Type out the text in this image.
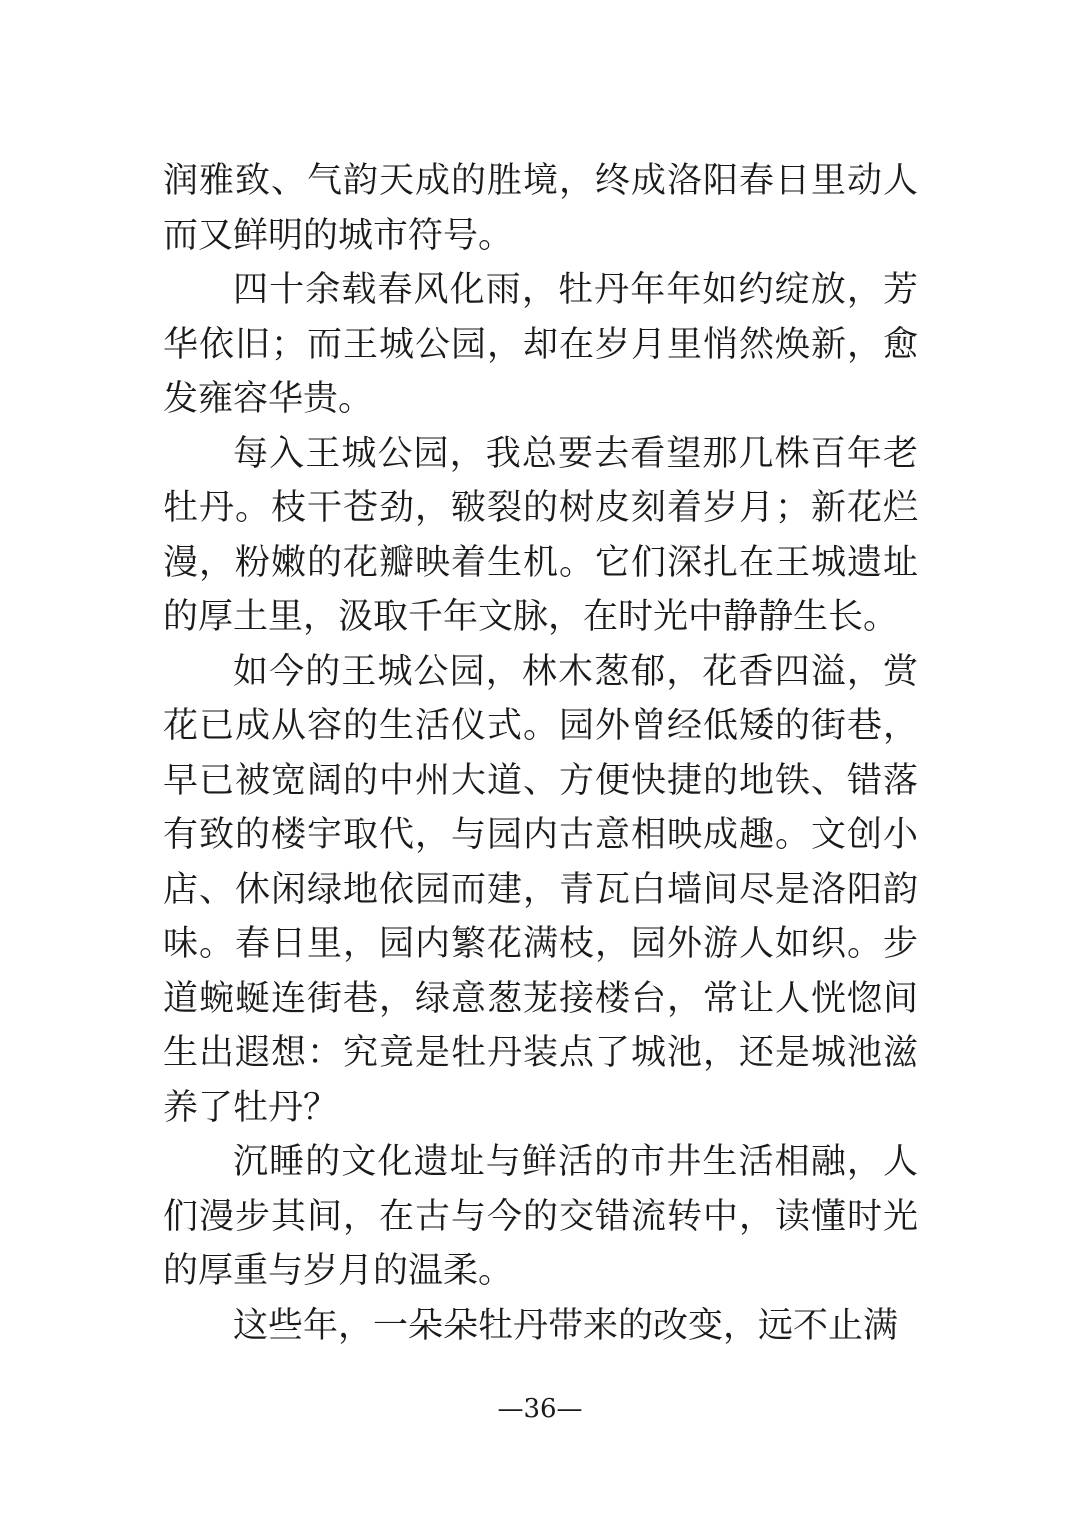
润雅致、气韵天成的胜境，终成洛阳春日里动人而又鲜明的城市符号。

四十余载春风化雨，牡丹年年如约绽放，芳华依旧；而王城公园，却在岁月里悄然焕新，愈发雍容华贵。

每入王城公园，我总要去看望那几株百年老牡丹。枝干苍劲，皲裂的树皮刻着岁月；新花烂漫，粉嫩的花瓣映着生机。它们深扎在王城遗址的厚土里，汲取千年文脉，在时光中静静生长。

如今的王城公园，林木葱郁，花香四溢，赏花已成从容的生活仪式。园外曾经低矮的街巷，早已被宽阔的中州大道、方便快捷的地铁、错落有致的楼宇取代，与园内古意相映成趣。文创小店、休闲绿地依园而建，青瓦白墙间尽是洛阳韵味。春日里，园内繁花满枝，园外游人如织。步道蜿蜒连街巷，绿意葱茏接楼台，常让人恍惚间生出遐想：究竟是牡丹装点了城池，还是城池滋养了牡丹？

沉睡的文化遗址与鲜活的市井生活相融，人们漫步其间，在古与今的交错流转中，读懂时光的厚重与岁月的温柔。

这些年，一朵朵牡丹带来的改变，远不止满

—36—
